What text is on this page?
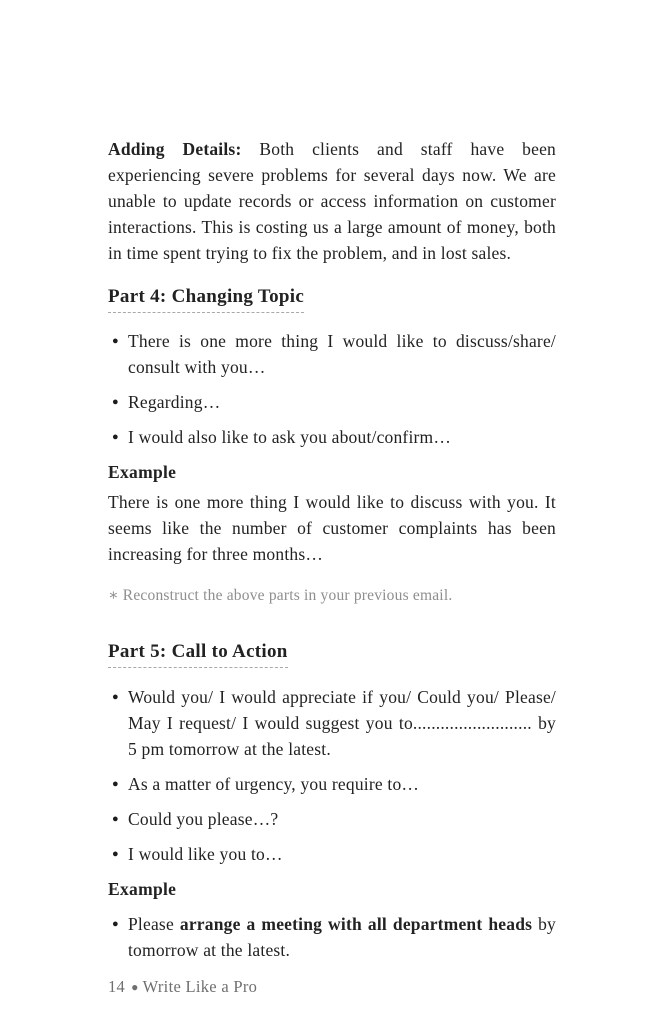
Adding Details: Both clients and staff have been experiencing severe problems for several days now. We are unable to update records or access information on customer interactions. This is costing us a large amount of money, both in time spent trying to fix the problem, and in lost sales.

Part 4: Changing Topic
● There is one more thing I would like to discuss/share/ consult with you…
● Regarding…
● I would also like to ask you about/confirm…
Example

There is one more thing I would like to discuss with you. It seems like the number of customer complaints has been increasing for three months…

∗ Reconstruct the above parts in your previous email.
Part 5: Call to Action
● Would you/ I would appreciate if you/ Could you/ Please/ May I request/ I would suggest you to.......................... by 5 pm tomorrow at the latest.
● As a matter of urgency, you require to…
● Could you please…?
● I would like you to…
Example
● Please arrange a meeting with all department heads by tomorrow at the latest.
14 ● Write Like a Pro
